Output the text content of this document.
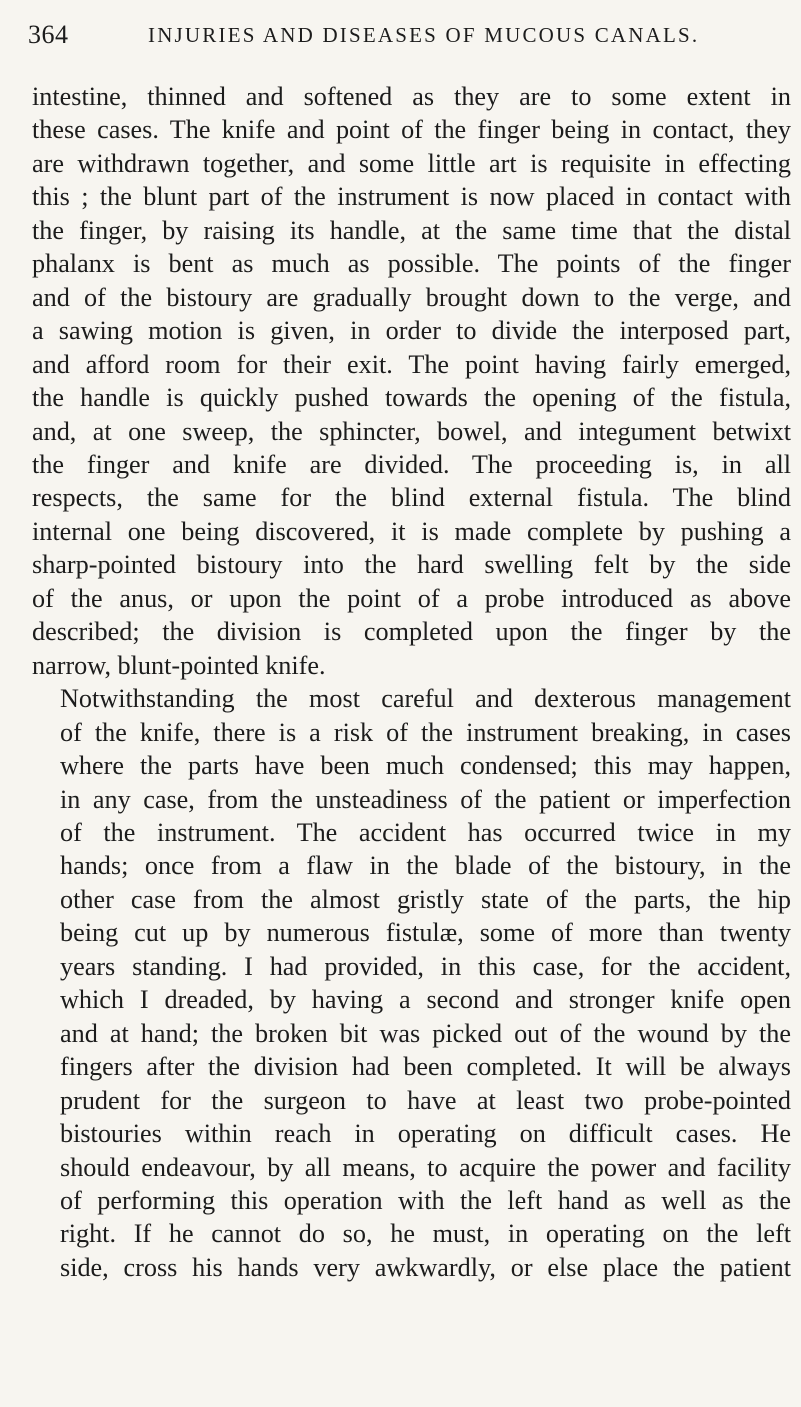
364	INJURIES AND DISEASES OF MUCOUS CANALS.

intestine, thinned and softened as they are to some extent in
these cases. The knife and point of the finger being in contact, they
are withdrawn together, and some little art is requisite in effecting
this ; the blunt part of the instrument is now placed in contact with
the finger, by raising its handle, at the same time that the distal
phalanx is bent as much as possible. The points of the finger
and of the bistoury are gradually brought down to the verge, and
a sawing motion is given, in order to divide the interposed part,
and afford room for their exit. The point having fairly emerged,
the handle is quickly pushed towards the opening of the fistula,
and, at one sweep, the sphincter, bowel, and integument betwixt
the finger and knife are divided. The proceeding is, in all
respects, the same for the blind external fistula. The blind
internal one being discovered, it is made complete by pushing a
sharp-pointed bistoury into the hard swelling felt by the side
of the anus, or upon the point of a probe introduced as above
described; the division is completed upon the finger by the
narrow, blunt-pointed knife.

Notwithstanding the most careful and dexterous management
of the knife, there is a risk of the instrument breaking, in cases
where the parts have been much condensed; this may happen,
in any case, from the unsteadiness of the patient or imperfection
of the instrument. The accident has occurred twice in my
hands; once from a flaw in the blade of the bistoury, in the
other case from the almost gristly state of the parts, the hip
being cut up by numerous fistulæ, some of more than twenty
years standing. I had provided, in this case, for the accident,
which I dreaded, by having a second and stronger knife open
and at hand; the broken bit was picked out of the wound by the
fingers after the division had been completed. It will be always
prudent for the surgeon to have at least two probe-pointed
bistouries within reach in operating on difficult cases. He
should endeavour, by all means, to acquire the power and facility
of performing this operation with the left hand as well as the
right. If he cannot do so, he must, in operating on the left
side, cross his hands very awkwardly, or else place the patient
